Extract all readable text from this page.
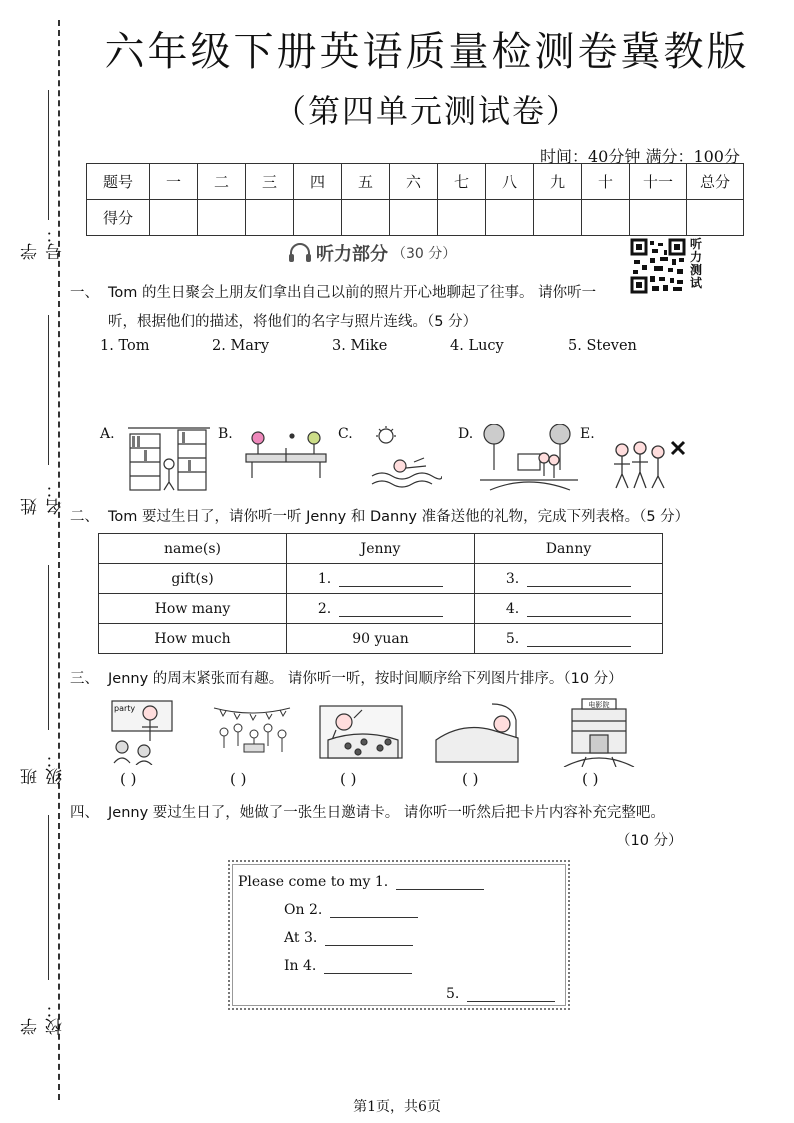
学号：
姓名：
班级：
学校：
六年级下册英语质量检测卷冀教版
（第四单元测试卷）
时间：40分钟 满分：100分
题号	一	二	三	四	五	六	七	八	九	十	十一	总分
得分												
听力部分 （30 分）
听力测试
一、 Tom 的生日聚会上朋友们拿出自己以前的照片开心地聊起了往事。 请你听一
听，根据他们的描述，将他们的名字与照片连线。（5 分）
1. Tom	2. Mary	3. Mike	4. Lucy	5. Steven
A.	B.	C.	D.	E.
二、 Tom 要过生日了，请你听一听 Jenny 和 Danny 准备送他的礼物，完成下列表格。（5 分）
name(s)	Jenny	Danny
gift(s)	1.	3.
How many	2.	4.
How much	90 yuan	5.
三、 Jenny 的周末紧张而有趣。 请你听一听，按时间顺序给下列图片排序。（10 分）
party	电影院
( )	( )	( )	( )	( )
四、 Jenny 要过生日了，她做了一张生日邀请卡。 请你听一听然后把卡片内容补充完整吧。
（10 分）
Please come to my 1.
On 2.
At 3.
In 4.
5.
第1页，共6页
